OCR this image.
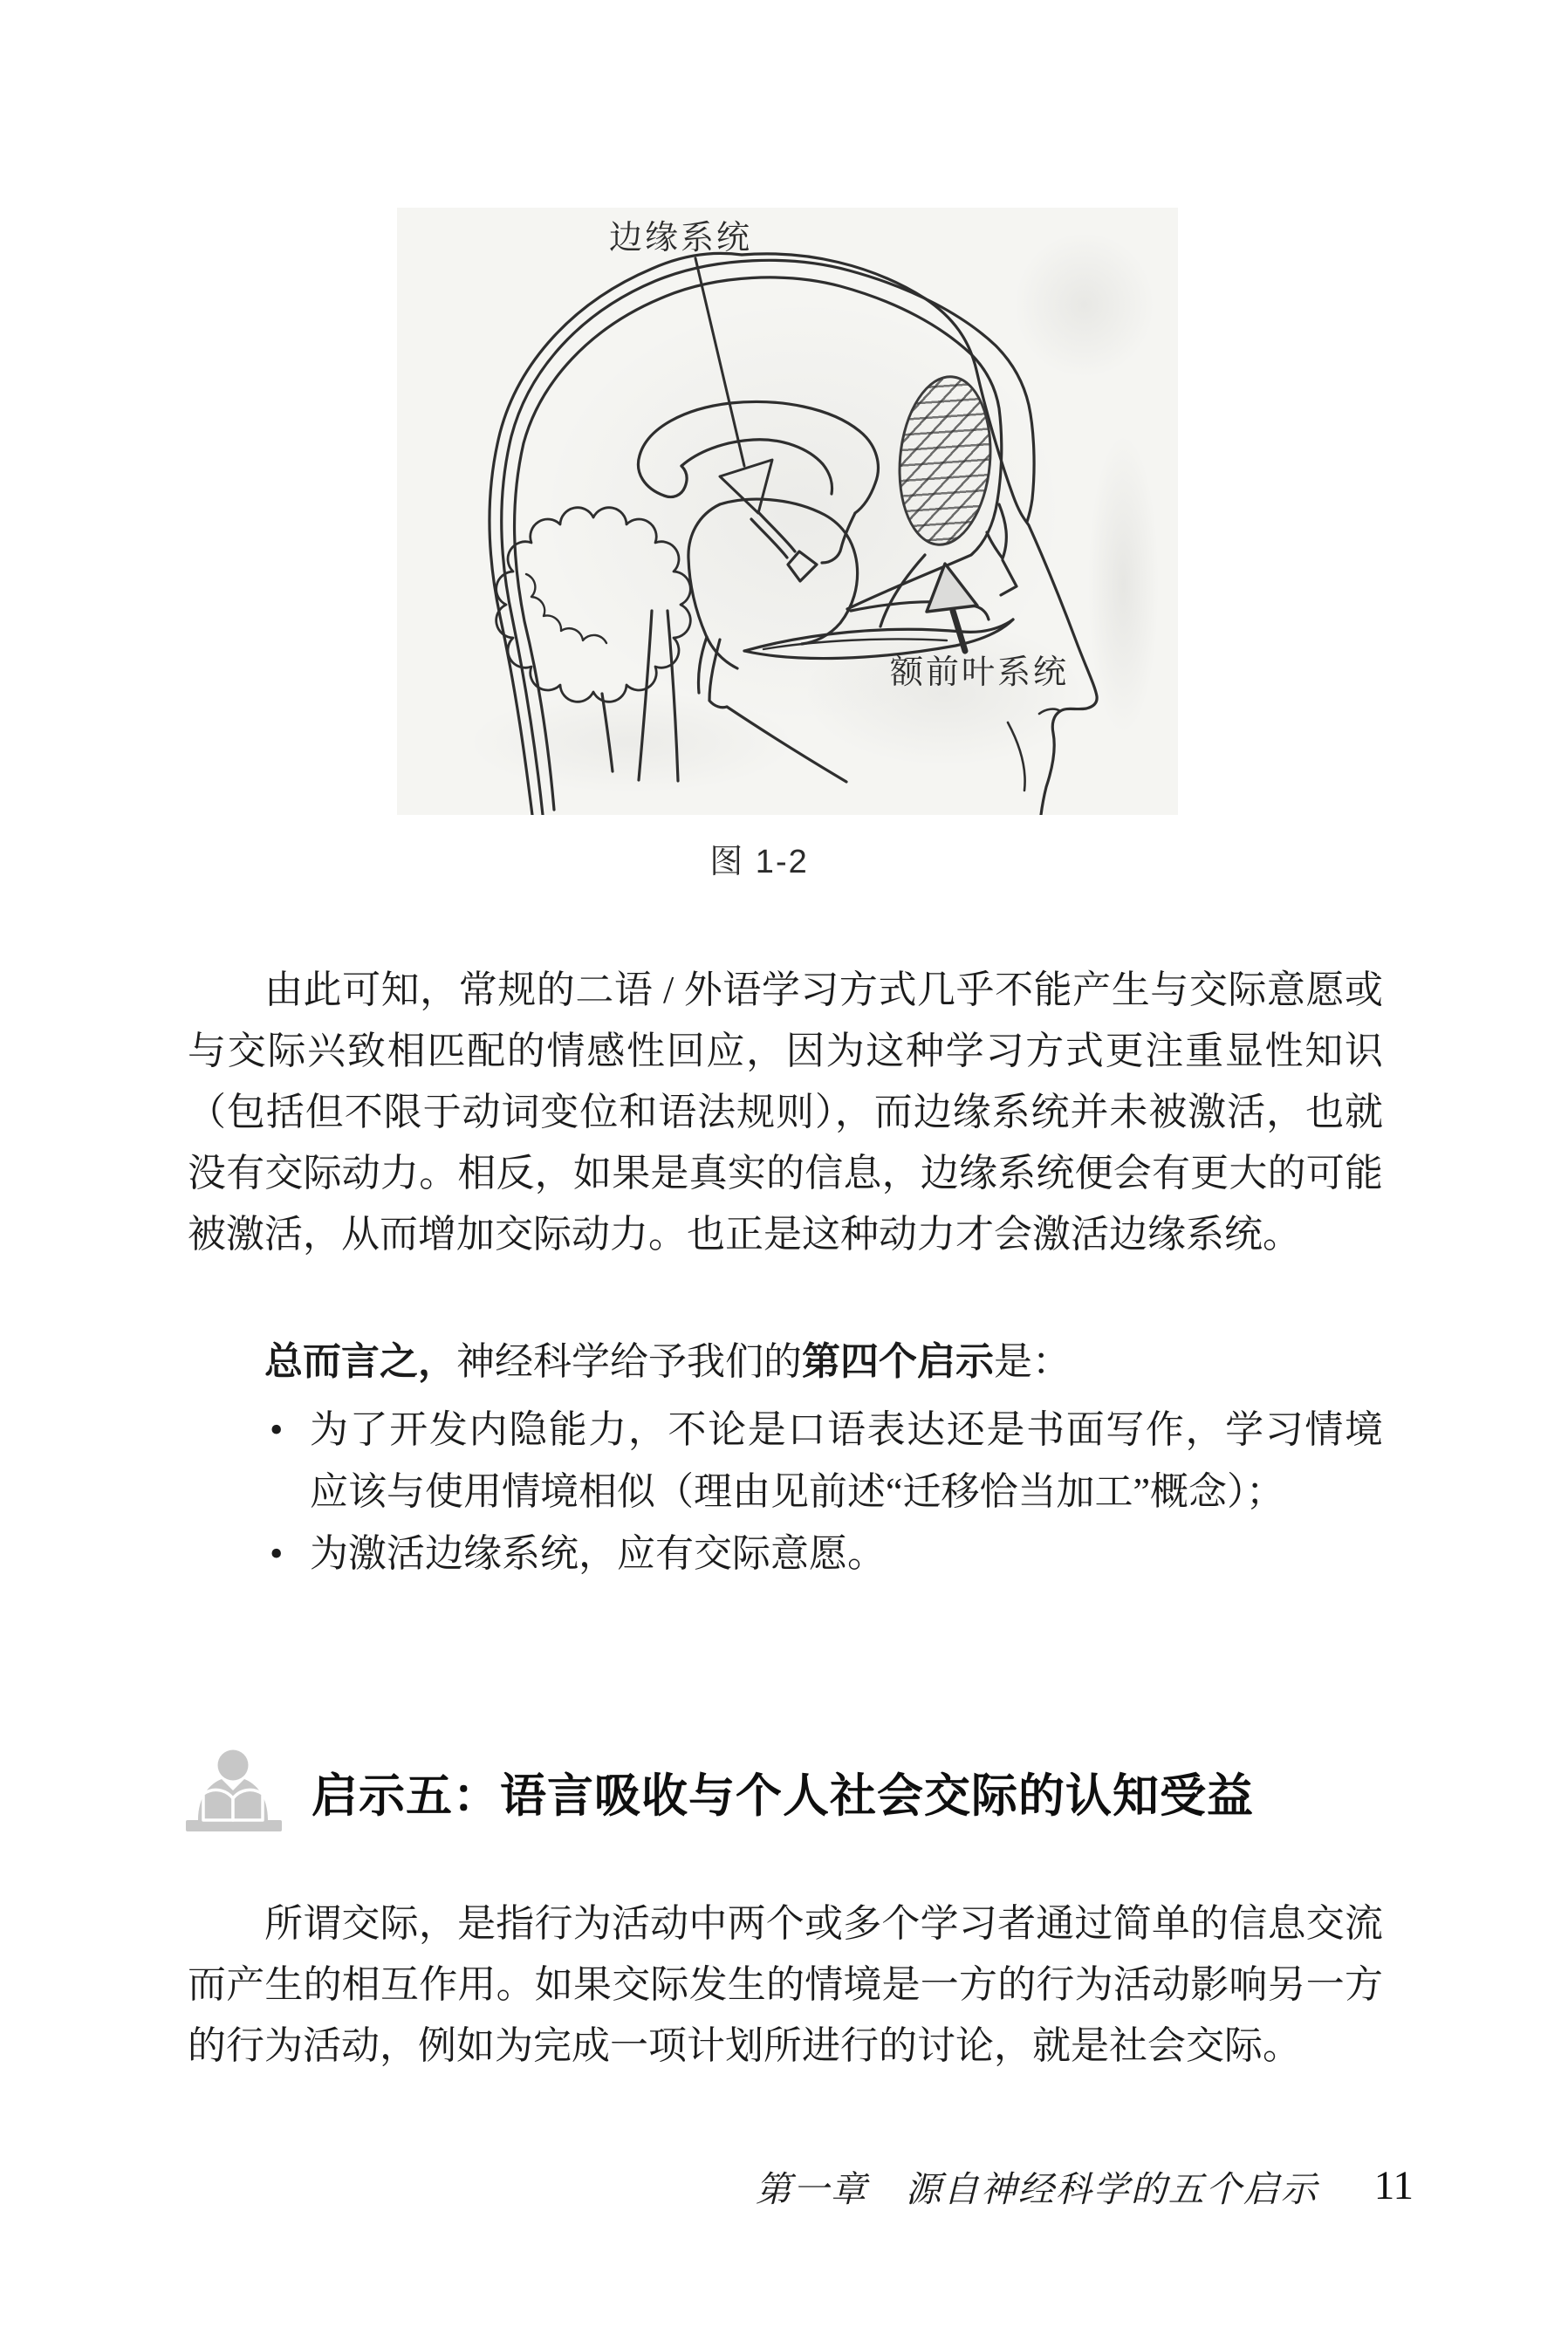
边缘系统
额前叶系统
图 1-2

由此可知，常规的二语 / 外语学习方式几乎不能产生与交际意愿或与交际兴致相匹配的情感性回应，因为这种学习方式更注重显性知识（包括但不限于动词变位和语法规则），而边缘系统并未被激活，也就没有交际动力。相反，如果是真实的信息，边缘系统便会有更大的可能被激活，从而增加交际动力。也正是这种动力才会激活边缘系统。

总而言之，神经科学给予我们的第四个启示是：

• 为了开发内隐能力，不论是口语表达还是书面写作，学习情境应该与使用情境相似（理由见前述“迁移恰当加工”概念）；
• 为激活边缘系统，应有交际意愿。
启示五：语言吸收与个人社会交际的认知受益

所谓交际，是指行为活动中两个或多个学习者通过简单的信息交流而产生的相互作用。如果交际发生的情境是一方的行为活动影响另一方的行为活动，例如为完成一项计划所进行的讨论，就是社会交际。

第一章　源自神经科学的五个启示 11
